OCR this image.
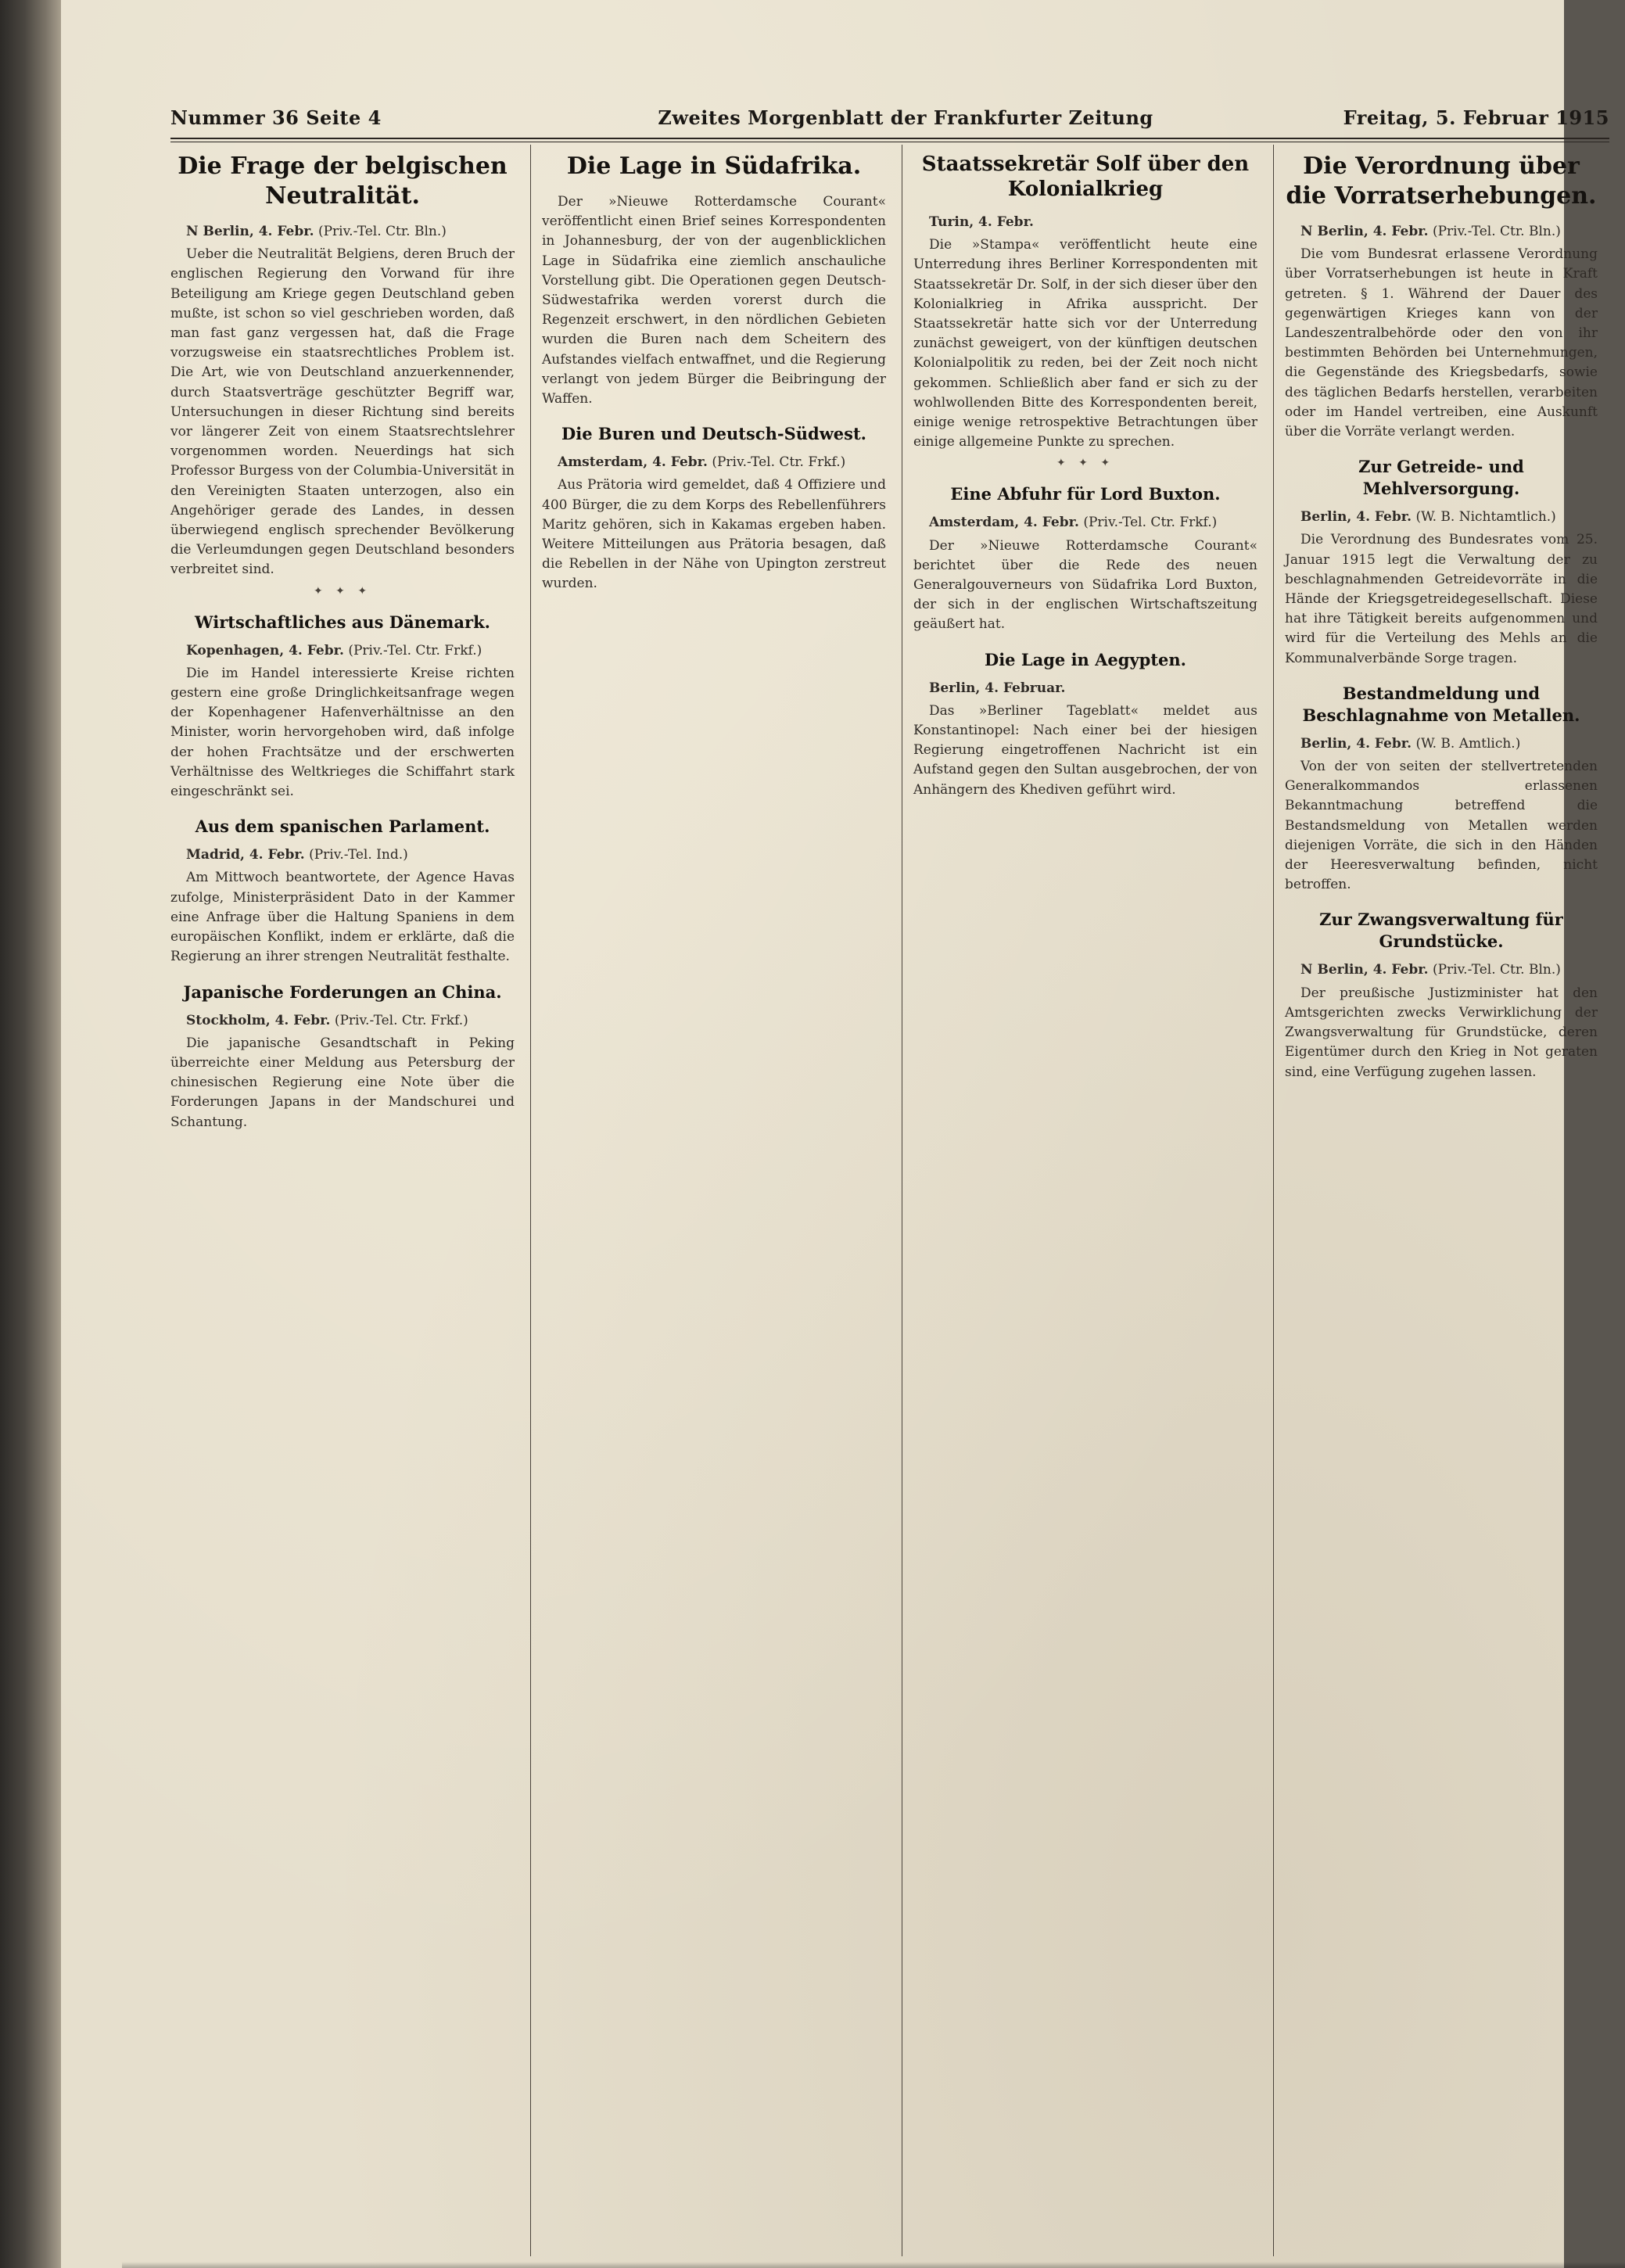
Nummer 36 Seite 4	Zweites Morgenblatt der Frankfurter Zeitung	Freitag, 5. Februar 1915
Die Frage der belgischen Neutralität.

N Berlin, 4. Febr. (Priv.-Tel. Ctr. Bln.)

Ueber die Neutralität Belgiens, deren Bruch der englischen Regierung den Vorwand für ihre Beteiligung am Kriege gegen Deutschland geben mußte, ist schon so viel geschrieben worden, daß man fast ganz vergessen hat, daß die Frage vorzugsweise ein staatsrechtliches Problem ist. Die Art, wie von Deutschland anzuerkennender, durch Staatsverträge geschützter Begriff war, Untersuchungen in dieser Richtung sind bereits vor längerer Zeit von einem Staatsrechtslehrer vorgenommen worden. Neuerdings hat sich Professor Burgess von der Columbia-Universität in den Vereinigten Staaten unterzogen, also ein Angehöriger gerade des Landes, in dessen überwiegend englisch sprechender Bevölkerung die Verleumdungen gegen Deutschland besonders verbreitet sind.

✦ ✦ ✦
Wirtschaftliches aus Dänemark.

Kopenhagen, 4. Febr. (Priv.-Tel. Ctr. Frkf.)

Die im Handel interessierte Kreise richten gestern eine große Dringlichkeitsanfrage wegen der Kopenhagener Hafenverhältnisse an den Minister, worin hervorgehoben wird, daß infolge der hohen Frachtsätze und der erschwerten Verhältnisse des Weltkrieges die Schiffahrt stark eingeschränkt sei.

Aus dem spanischen Parlament.

Madrid, 4. Febr. (Priv.-Tel. Ind.)

Am Mittwoch beantwortete, der Agence Havas zufolge, Ministerpräsident Dato in der Kammer eine Anfrage über die Haltung Spaniens in dem europäischen Konflikt, indem er erklärte, daß die Regierung an ihrer strengen Neutralität festhalte.

Japanische Forderungen an China.

Stockholm, 4. Febr. (Priv.-Tel. Ctr. Frkf.)

Die japanische Gesandtschaft in Peking überreichte einer Meldung aus Petersburg der chinesischen Regierung eine Note über die Forderungen Japans in der Mandschurei und Schantung.

Die Lage in Südafrika.

Der »Nieuwe Rotterdamsche Courant« veröffentlicht einen Brief seines Korrespondenten in Johannesburg, der von der augenblicklichen Lage in Südafrika eine ziemlich anschauliche Vorstellung gibt. Die Operationen gegen Deutsch-Südwestafrika werden vorerst durch die Regenzeit erschwert, in den nördlichen Gebieten wurden die Buren nach dem Scheitern des Aufstandes vielfach entwaffnet, und die Regierung verlangt von jedem Bürger die Beibringung der Waffen.

Die Buren und Deutsch-Südwest.

Amsterdam, 4. Febr. (Priv.-Tel. Ctr. Frkf.)

Aus Prätoria wird gemeldet, daß 4 Offiziere und 400 Bürger, die zu dem Korps des Rebellenführers Maritz gehören, sich in Kakamas ergeben haben. Weitere Mitteilungen aus Prätoria besagen, daß die Rebellen in der Nähe von Upington zerstreut wurden.

Staatssekretär Solf über den Kolonialkrieg

Turin, 4. Febr.

Die »Stampa« veröffentlicht heute eine Unterredung ihres Berliner Korrespondenten mit Staatssekretär Dr. Solf, in der sich dieser über den Kolonialkrieg in Afrika ausspricht. Der Staatssekretär hatte sich vor der Unterredung zunächst geweigert, von der künftigen deutschen Kolonialpolitik zu reden, bei der Zeit noch nicht gekommen. Schließlich aber fand er sich zu der wohlwollenden Bitte des Korrespondenten bereit, einige wenige retrospektive Betrachtungen über einige allgemeine Punkte zu sprechen.

✦ ✦ ✦
Eine Abfuhr für Lord Buxton.

Amsterdam, 4. Febr. (Priv.-Tel. Ctr. Frkf.)

Der »Nieuwe Rotterdamsche Courant« berichtet über die Rede des neuen Generalgouverneurs von Südafrika Lord Buxton, der sich in der englischen Wirtschaftszeitung geäußert hat.

Die Lage in Aegypten.

Berlin, 4. Februar.

Das »Berliner Tageblatt« meldet aus Konstantinopel: Nach einer bei der hiesigen Regierung eingetroffenen Nachricht ist ein Aufstand gegen den Sultan ausgebrochen, der von Anhängern des Khediven geführt wird.

Die Verordnung über die Vorratserhebungen.

N Berlin, 4. Febr. (Priv.-Tel. Ctr. Bln.)

Die vom Bundesrat erlassene Verordnung über Vorratserhebungen ist heute in Kraft getreten. § 1. Während der Dauer des gegenwärtigen Krieges kann von der Landeszentralbehörde oder den von ihr bestimmten Behörden bei Unternehmungen, die Gegenstände des Kriegsbedarfs, sowie des täglichen Bedarfs herstellen, verarbeiten oder im Handel vertreiben, eine Auskunft über die Vorräte verlangt werden.

Zur Getreide- und Mehlversorgung.

Berlin, 4. Febr. (W. B. Nichtamtlich.)

Die Verordnung des Bundesrates vom 25. Januar 1915 legt die Verwaltung der zu beschlagnahmenden Getreidevorräte in die Hände der Kriegsgetreidegesellschaft. Diese hat ihre Tätigkeit bereits aufgenommen und wird für die Verteilung des Mehls an die Kommunalverbände Sorge tragen.

Bestandmeldung und Beschlagnahme von Metallen.

Berlin, 4. Febr. (W. B. Amtlich.)

Von der von seiten der stellvertretenden Generalkommandos erlassenen Bekanntmachung betreffend die Bestandsmeldung von Metallen werden diejenigen Vorräte, die sich in den Händen der Heeresverwaltung befinden, nicht betroffen.

Zur Zwangsverwaltung für Grundstücke.

N Berlin, 4. Febr. (Priv.-Tel. Ctr. Bln.)

Der preußische Justizminister hat den Amtsgerichten zwecks Verwirklichung der Zwangsverwaltung für Grundstücke, deren Eigentümer durch den Krieg in Not geraten sind, eine Verfügung zugehen lassen.
